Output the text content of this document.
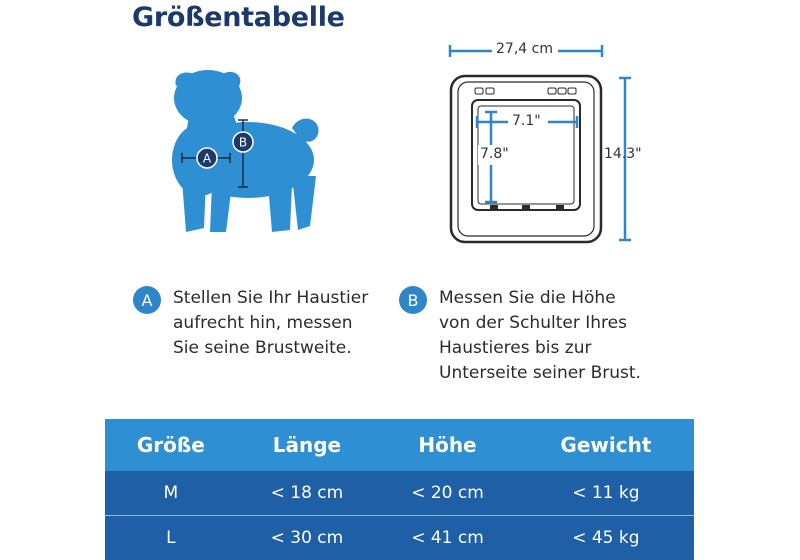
Größentabelle
A
B
27,4 cm
14.3"
7.1"
7.8"
A	Stellen Sie Ihr Haustier
aufrecht hin, messen
Sie seine Brustweite.
B	Messen Sie die Höhe
von der Schulter Ihres
Haustieres bis zur
Unterseite seiner Brust.
Größe	Länge	Höhe	Gewicht
M	< 18 cm	< 20 cm	< 11 kg
L	< 30 cm	< 41 cm	< 45 kg
